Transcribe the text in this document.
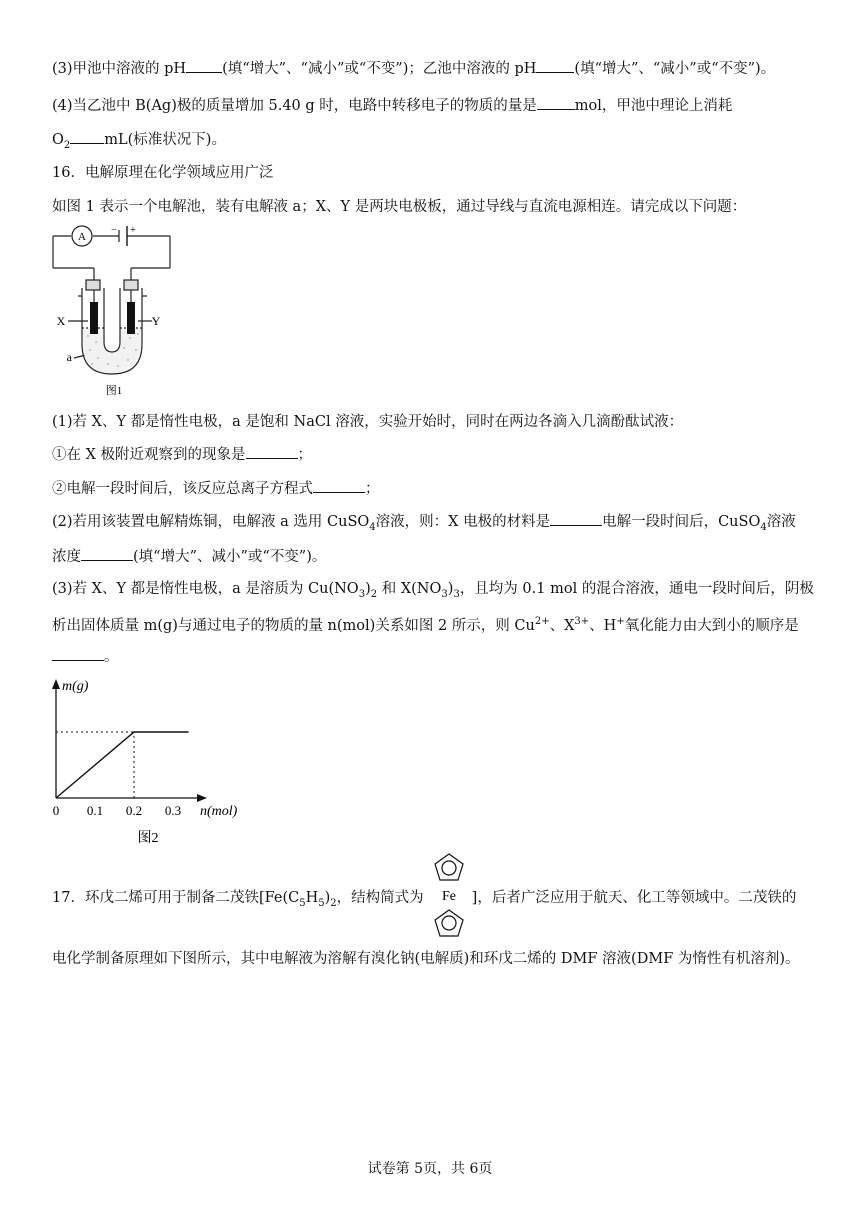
(3)甲池中溶液的 pH (填“增大”、“减小”或“不变”)；乙池中溶液的 pH	(填“增大”、“减小”或“不变”)。
(4)当乙池中 B(Ag)极的质量增加 5.40 g 时，电路中转移电子的物质的量是	mol，甲池中理论上消耗
$O_2$ mL(标准状况下)。
16．电解原理在化学领域应用广泛
如图 1 表示一个电解池，装有电解液 a；X、Y 是两块电极板，通过导线与直流电源相连。请完成以下问题：
A
− +
X	Y
a
图1
(1)若 X、Y 都是惰性电极，a 是饱和 NaCl 溶液，实验开始时，同时在两边各滴入几滴酚酞试液：
①在 X 极附近观察到的现象是	；
②电解一段时间后，该反应总离子方程式	；
(2)若用该装置电解精炼铜，电解液 a 选用 CuSO$_4$溶液，则：X 电极的材料是	电解一段时间后，CuSO$_4$溶液
浓度	(填“增大”、减小”或“不变”)。
(3)若 X、Y 都是惰性电极，a 是溶质为 $Cu(NO_3)_2$ 和 $X(NO_3)_3$，且均为 0.1 mol 的混合溶液，通电一段时间后，阴极
析出固体质量 m(g)与通过电子的物质的量 n(mol)关系如图 2 所示，则 $Cu^{2+}$、$X^{3+}$、H+氧化能力由大到小的顺序是
。
m(g)
n(mol)
0 0.1 0.2 0.3
图2
17．环戊二烯可用于制备二茂铁[$Fe(C_5H_5)_2$，结构简式为	]，后者广泛应用于航天、化工等领域中。二茂铁的
Fe
电化学制备原理如下图所示，其中电解液为溶解有溴化钠(电解质)和环戊二烯的 DMF 溶液(DMF 为惰性有机溶剂)。
试卷第 5页，共 6页
